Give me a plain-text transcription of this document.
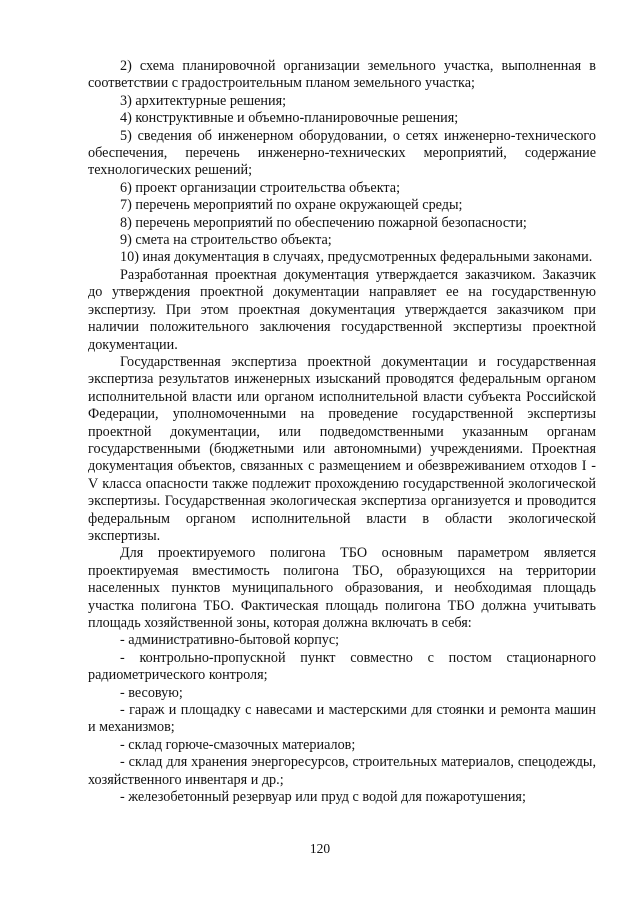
2) схема планировочной организации земельного участка, выполненная в соответствии с градостроительным планом земельного участка;

3) архитектурные решения;

4) конструктивные и объемно-планировочные решения;

5) сведения об инженерном оборудовании, о сетях инженерно-технического обеспечения, перечень инженерно-технических мероприятий, содержание технологических решений;

6) проект организации строительства объекта;

7) перечень мероприятий по охране окружающей среды;

8) перечень мероприятий по обеспечению пожарной безопасности;

9) смета на строительство объекта;

10) иная документация в случаях, предусмотренных федеральными законами.

Разработанная проектная документация утверждается заказчиком. Заказчик до утверждения проектной документации направляет ее на государственную экспертизу. При этом проектная документация утверждается заказчиком при наличии положительного заключения государственной экспертизы проектной документации.

Государственная экспертиза проектной документации и государственная экспертиза результатов инженерных изысканий проводятся федеральным органом исполнительной власти или органом исполнительной власти субъекта Российской Федерации, уполномоченными на проведение государственной экспертизы проектной документации, или подведомственными указанным органам государственными (бюджетными или автономными) учреждениями. Проектная документация объектов, связанных с размещением и обезвреживанием отходов I - V класса опасности также подлежит прохождению государственной экологической экспертизы. Государственная экологическая экспертиза организуется и проводится федеральным органом исполнительной власти в области экологической экспертизы.

Для проектируемого полигона ТБО основным параметром является проектируемая вместимость полигона ТБО, образующихся на территории населенных пунктов муниципального образования, и необходимая площадь участка полигона ТБО. Фактическая площадь полигона ТБО должна учитывать площадь хозяйственной зоны, которая должна включать в себя:

- административно-бытовой корпус;

- контрольно-пропускной пункт совместно с постом стационарного радиометрического контроля;

- весовую;

- гараж и площадку с навесами и мастерскими для стоянки и ремонта машин и механизмов;

- склад горюче-смазочных материалов;

- склад для хранения энергоресурсов, строительных материалов, спецодежды, хозяйственного инвентаря и др.;

- железобетонный резервуар или пруд с водой для пожаротушения;

120
